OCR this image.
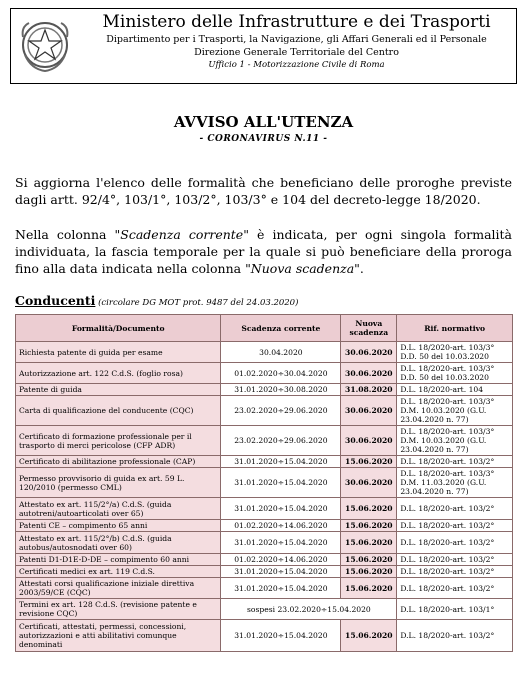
Ministero delle Infrastrutture e dei Trasporti
Dipartimento per i Trasporti, la Navigazione, gli Affari Generali ed il Personale
Direzione Generale Territoriale del Centro
Ufficio 1 - Motorizzazione Civile di Roma
AVVISO ALL'UTENZA
- CORONAVIRUS N.11 -
Si aggiorna l'elenco delle formalità che beneficiano delle proroghe previste dagli artt. 92/4°, 103/1°, 103/2°, 103/3° e 104 del decreto-legge 18/2020.
Nella colonna "Scadenza corrente" è indicata, per ogni singola formalità individuata, la fascia temporale per la quale si può beneficiare della proroga fino alla data indicata nella colonna "Nuova scadenza".
Conducenti (circolare DG MOT prot. 9487 del 24.03.2020)
Formalità/Documento	Scadenza corrente	Nuova scadenza	Rif. normativo
Richiesta patente di guida per esame	30.04.2020	30.06.2020	D.L. 18/2020-art. 103/3° D.D. 50 del 10.03.2020
Autorizzazione art. 122 C.d.S. (foglio rosa)	01.02.2020÷30.04.2020	30.06.2020	D.L. 18/2020-art. 103/3° D.D. 50 del 10.03.2020
Patente di guida	31.01.2020÷30.08.2020	31.08.2020	D.L. 18/2020-art. 104
Carta di qualificazione del conducente (CQC)	23.02.2020÷29.06.2020	30.06.2020	D.L. 18/2020-art. 103/3° D.M. 10.03.2020 (G.U. 23.04.2020 n. 77)
Certificato di formazione professionale per il trasporto di merci pericolose (CFP ADR)	23.02.2020÷29.06.2020	30.06.2020	D.L. 18/2020-art. 103/3° D.M. 10.03.2020 (G.U. 23.04.2020 n. 77)
Certificato di abilitazione professionale (CAP)	31.01.2020÷15.04.2020	15.06.2020	D.L. 18/2020-art. 103/2°
Permesso provvisorio di guida ex art. 59 L. 120/2010 (permesso CML)	31.01.2020÷15.04.2020	30.06.2020	D.L. 18/2020-art. 103/3° D.M. 11.03.2020 (G.U. 23.04.2020 n. 77)
Attestato ex art. 115/2°/a) C.d.S. (guida autotreni/autoarticolati over 65)	31.01.2020÷15.04.2020	15.06.2020	D.L. 18/2020-art. 103/2°
Patenti CE – compimento 65 anni	01.02.2020÷14.06.2020	15.06.2020	D.L. 18/2020-art. 103/2°
Attestato ex art. 115/2°/b) C.d.S. (guida autobus/autosnodati over 60)	31.01.2020÷15.04.2020	15.06.2020	D.L. 18/2020-art. 103/2°
Patenti D1-D1E-D-DE – compimento 60 anni	01.02.2020÷14.06.2020	15.06.2020	D.L. 18/2020-art. 103/2°
Certificati medici ex art. 119 C.d.S.	31.01.2020÷15.04.2020	15.06.2020	D.L. 18/2020-art. 103/2°
Attestati corsi qualificazione iniziale direttiva 2003/59/CE (CQC)	31.01.2020÷15.04.2020	15.06.2020	D.L. 18/2020-art. 103/2°
Termini ex art. 128 C.d.S. (revisione patente e revisione CQC)	sospesi 23.02.2020÷15.04.2020		D.L. 18/2020-art. 103/1°
Certificati, attestati, permessi, concessioni, autorizzazioni e atti abilitativi comunque denominati	31.01.2020÷15.04.2020	15.06.2020	D.L. 18/2020-art. 103/2°
